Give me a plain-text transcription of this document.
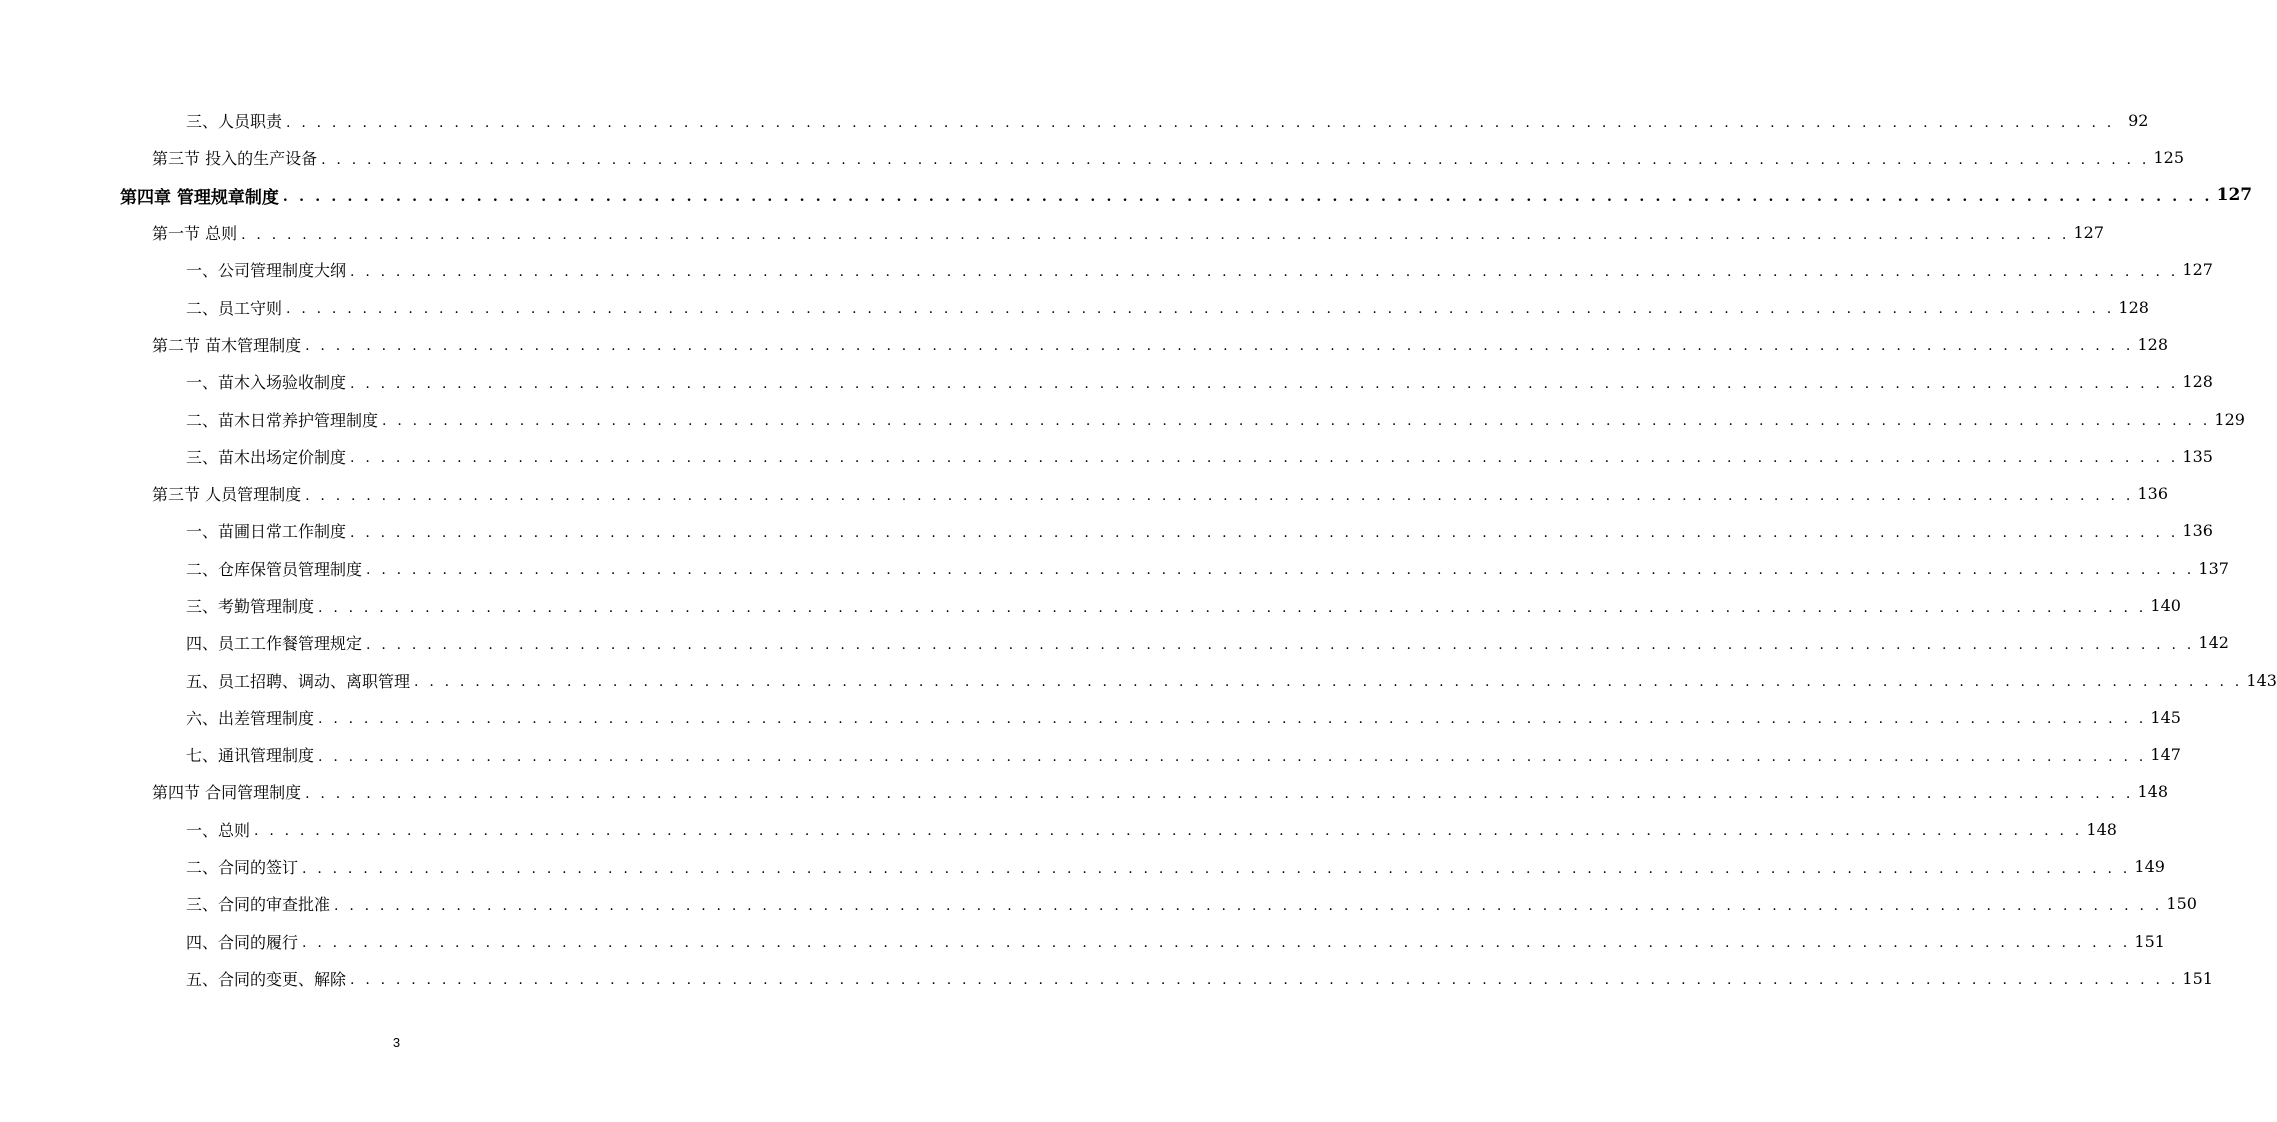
三、人员职责 . . . . . . . . . . . . . . . . . . . . . . . . . . . . . . . . . . . . . . . . . . . . . . . . . . . . . . . . . . . . . . . . . . . . . . . . . . . . . . . . . . . . . . . . . . . . . . . . . . . . . . . . . . . . . . . . . . . . . . . . 92
第三节 投入的生产设备 . . . . . . . . . . . . . . . . . . . . . . . . . . . . . . . . . . . . . . . . . . . . . . . . . . . . . . . . . . . . . . . . . . . . . . . . . . . . . . . . . . . . . . . . . . . . . . . . . . . . . . . . . . . . . . . . . . . . . . . . 125
第四章 管理规章制度 . . . . . . . . . . . . . . . . . . . . . . . . . . . . . . . . . . . . . . . . . . . . . . . . . . . . . . . . . . . . . . . . . . . . . . . . . . . . . . . . . . . . . . . . . . . . . . . . . . . . . . . . . . . . . . . . . . . . . . . . 127
第一节 总则 . . . . . . . . . . . . . . . . . . . . . . . . . . . . . . . . . . . . . . . . . . . . . . . . . . . . . . . . . . . . . . . . . . . . . . . . . . . . . . . . . . . . . . . . . . . . . . . . . . . . . . . . . . . . . . . . . . . . . . . . 127
一、公司管理制度大纲 . . . . . . . . . . . . . . . . . . . . . . . . . . . . . . . . . . . . . . . . . . . . . . . . . . . . . . . . . . . . . . . . . . . . . . . . . . . . . . . . . . . . . . . . . . . . . . . . . . . . . . . . . . . . . . . . . . . . . . . . 127
二、员工守则 . . . . . . . . . . . . . . . . . . . . . . . . . . . . . . . . . . . . . . . . . . . . . . . . . . . . . . . . . . . . . . . . . . . . . . . . . . . . . . . . . . . . . . . . . . . . . . . . . . . . . . . . . . . . . . . . . . . . . . . . 128
第二节 苗木管理制度 . . . . . . . . . . . . . . . . . . . . . . . . . . . . . . . . . . . . . . . . . . . . . . . . . . . . . . . . . . . . . . . . . . . . . . . . . . . . . . . . . . . . . . . . . . . . . . . . . . . . . . . . . . . . . . . . . . . . . . . . 128
一、苗木入场验收制度 . . . . . . . . . . . . . . . . . . . . . . . . . . . . . . . . . . . . . . . . . . . . . . . . . . . . . . . . . . . . . . . . . . . . . . . . . . . . . . . . . . . . . . . . . . . . . . . . . . . . . . . . . . . . . . . . . . . . . . . . 128
二、苗木日常养护管理制度 . . . . . . . . . . . . . . . . . . . . . . . . . . . . . . . . . . . . . . . . . . . . . . . . . . . . . . . . . . . . . . . . . . . . . . . . . . . . . . . . . . . . . . . . . . . . . . . . . . . . . . . . . . . . . . . . . . . . . . . . 129
三、苗木出场定价制度 . . . . . . . . . . . . . . . . . . . . . . . . . . . . . . . . . . . . . . . . . . . . . . . . . . . . . . . . . . . . . . . . . . . . . . . . . . . . . . . . . . . . . . . . . . . . . . . . . . . . . . . . . . . . . . . . . . . . . . . . 135
第三节 人员管理制度 . . . . . . . . . . . . . . . . . . . . . . . . . . . . . . . . . . . . . . . . . . . . . . . . . . . . . . . . . . . . . . . . . . . . . . . . . . . . . . . . . . . . . . . . . . . . . . . . . . . . . . . . . . . . . . . . . . . . . . . . 136
一、苗圃日常工作制度 . . . . . . . . . . . . . . . . . . . . . . . . . . . . . . . . . . . . . . . . . . . . . . . . . . . . . . . . . . . . . . . . . . . . . . . . . . . . . . . . . . . . . . . . . . . . . . . . . . . . . . . . . . . . . . . . . . . . . . . . 136
二、仓库保管员管理制度 . . . . . . . . . . . . . . . . . . . . . . . . . . . . . . . . . . . . . . . . . . . . . . . . . . . . . . . . . . . . . . . . . . . . . . . . . . . . . . . . . . . . . . . . . . . . . . . . . . . . . . . . . . . . . . . . . . . . . . . . 137
三、考勤管理制度 . . . . . . . . . . . . . . . . . . . . . . . . . . . . . . . . . . . . . . . . . . . . . . . . . . . . . . . . . . . . . . . . . . . . . . . . . . . . . . . . . . . . . . . . . . . . . . . . . . . . . . . . . . . . . . . . . . . . . . . . 140
四、员工工作餐管理规定 . . . . . . . . . . . . . . . . . . . . . . . . . . . . . . . . . . . . . . . . . . . . . . . . . . . . . . . . . . . . . . . . . . . . . . . . . . . . . . . . . . . . . . . . . . . . . . . . . . . . . . . . . . . . . . . . . . . . . . . . 142
五、员工招聘、调动、离职管理 . . . . . . . . . . . . . . . . . . . . . . . . . . . . . . . . . . . . . . . . . . . . . . . . . . . . . . . . . . . . . . . . . . . . . . . . . . . . . . . . . . . . . . . . . . . . . . . . . . . . . . . . . . . . . . . . . . . . . . . . 143
六、出差管理制度 . . . . . . . . . . . . . . . . . . . . . . . . . . . . . . . . . . . . . . . . . . . . . . . . . . . . . . . . . . . . . . . . . . . . . . . . . . . . . . . . . . . . . . . . . . . . . . . . . . . . . . . . . . . . . . . . . . . . . . . . 145
七、通讯管理制度 . . . . . . . . . . . . . . . . . . . . . . . . . . . . . . . . . . . . . . . . . . . . . . . . . . . . . . . . . . . . . . . . . . . . . . . . . . . . . . . . . . . . . . . . . . . . . . . . . . . . . . . . . . . . . . . . . . . . . . . . 147
第四节 合同管理制度 . . . . . . . . . . . . . . . . . . . . . . . . . . . . . . . . . . . . . . . . . . . . . . . . . . . . . . . . . . . . . . . . . . . . . . . . . . . . . . . . . . . . . . . . . . . . . . . . . . . . . . . . . . . . . . . . . . . . . . . . 148
一、总则 . . . . . . . . . . . . . . . . . . . . . . . . . . . . . . . . . . . . . . . . . . . . . . . . . . . . . . . . . . . . . . . . . . . . . . . . . . . . . . . . . . . . . . . . . . . . . . . . . . . . . . . . . . . . . . . . . . . . . . . . 148
二、合同的签订 . . . . . . . . . . . . . . . . . . . . . . . . . . . . . . . . . . . . . . . . . . . . . . . . . . . . . . . . . . . . . . . . . . . . . . . . . . . . . . . . . . . . . . . . . . . . . . . . . . . . . . . . . . . . . . . . . . . . . . . . 149
三、合同的审查批准 . . . . . . . . . . . . . . . . . . . . . . . . . . . . . . . . . . . . . . . . . . . . . . . . . . . . . . . . . . . . . . . . . . . . . . . . . . . . . . . . . . . . . . . . . . . . . . . . . . . . . . . . . . . . . . . . . . . . . . . . 150
四、合同的履行 . . . . . . . . . . . . . . . . . . . . . . . . . . . . . . . . . . . . . . . . . . . . . . . . . . . . . . . . . . . . . . . . . . . . . . . . . . . . . . . . . . . . . . . . . . . . . . . . . . . . . . . . . . . . . . . . . . . . . . . . 151
五、合同的变更、解除 . . . . . . . . . . . . . . . . . . . . . . . . . . . . . . . . . . . . . . . . . . . . . . . . . . . . . . . . . . . . . . . . . . . . . . . . . . . . . . . . . . . . . . . . . . . . . . . . . . . . . . . . . . . . . . . . . . . . . . . . 151
3
